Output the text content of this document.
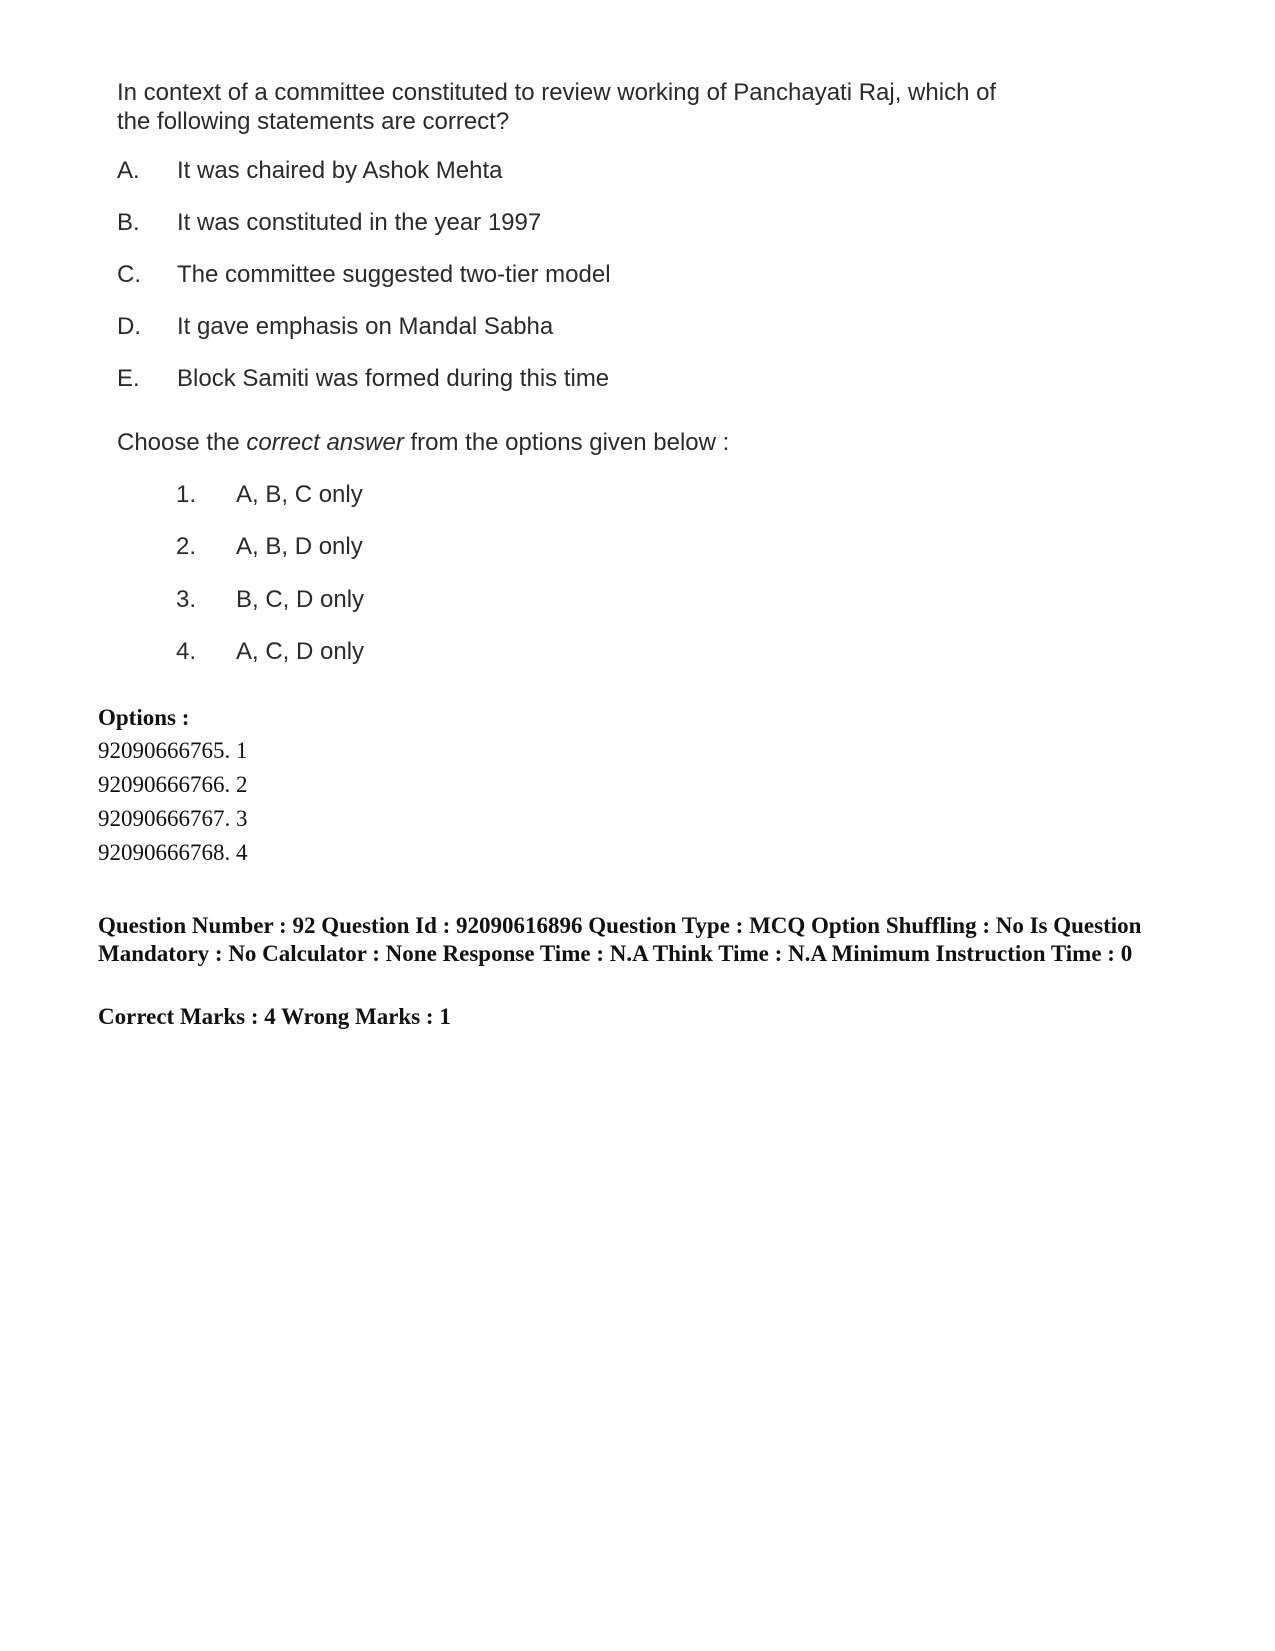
In context of a committee constituted to review working of Panchayati Raj, which of the following statements are correct?
A. It was chaired by Ashok Mehta
B. It was constituted in the year 1997
C. The committee suggested two-tier model
D. It gave emphasis on Mandal Sabha
E. Block Samiti was formed during this time
Choose the correct answer from the options given below :
1. A, B, C only
2. A, B, D only
3. B, C, D only
4. A, C, D only
Options :
92090666765. 1
92090666766. 2
92090666767. 3
92090666768. 4
Question Number : 92 Question Id : 92090616896 Question Type : MCQ Option Shuffling : No Is Question Mandatory : No Calculator : None Response Time : N.A Think Time : N.A Minimum Instruction Time : 0
Correct Marks : 4 Wrong Marks : 1
